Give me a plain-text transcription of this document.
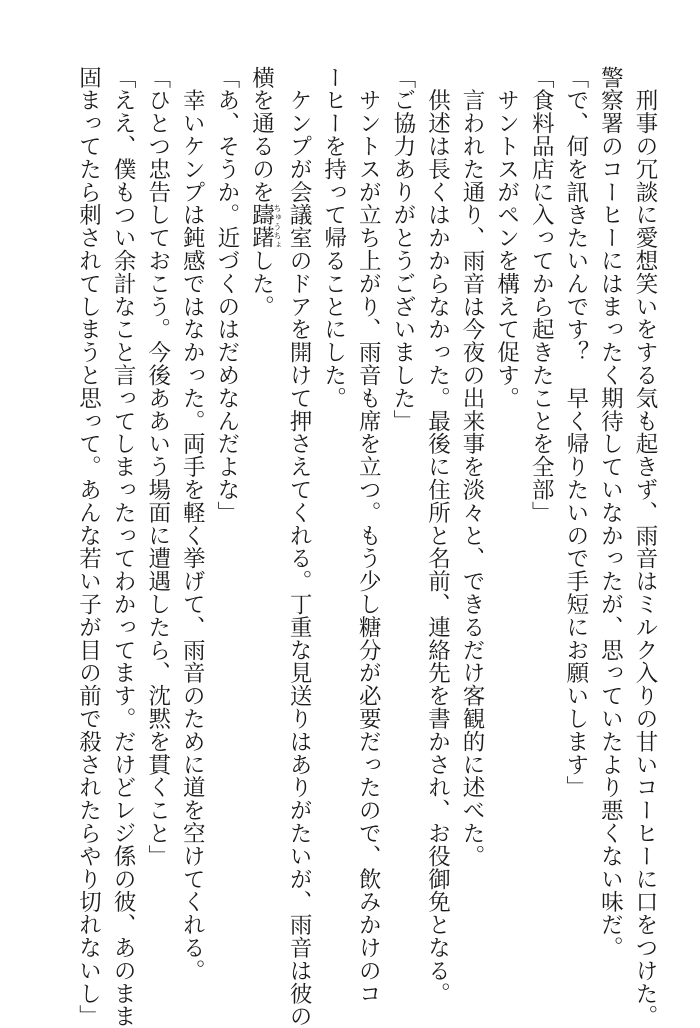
　刑事の冗談に愛想笑いをする気も起きず、雨音はミルク入りの甘いコーヒーに口をつけた。
警察署のコーヒーにはまったく期待していなかったが、思っていたより悪くない味だ。
「で、何を訊きたいんです？　早く帰りたいので手短にお願いします」
「食料品店に入ってから起きたことを全部」
　サントスがペンを構えて促す。
　言われた通り、雨音は今夜の出来事を淡々と、できるだけ客観的に述べた。
　供述は長くはかからなかった。最後に住所と名前、連絡先を書かされ、お役御免となる。
「ご協力ありがとうございました」
　サントスが立ち上がり、雨音も席を立つ。もう少し糖分が必要だったので、飲みかけのコ
ーヒーを持って帰ることにした。
　ケンプが会議室のドアを開けて押さえてくれる。丁重な見送りはありがたいが、雨音は彼の
横を通るのを躊躇ちゅうちょした。
「あ、そうか。近づくのはだめなんだよな」
　幸いケンプは鈍感ではなかった。両手を軽く挙げて、雨音のために道を空けてくれる。
「ひとつ忠告しておこう。今後ああいう場面に遭遇したら、沈黙を貫くこと」
「ええ、僕もつい余計なこと言ってしまったってわかってます。だけどレジ係の彼、あのまま
固まってたら刺されてしまうと思って。あんな若い子が目の前で殺されたらやり切れないし」
